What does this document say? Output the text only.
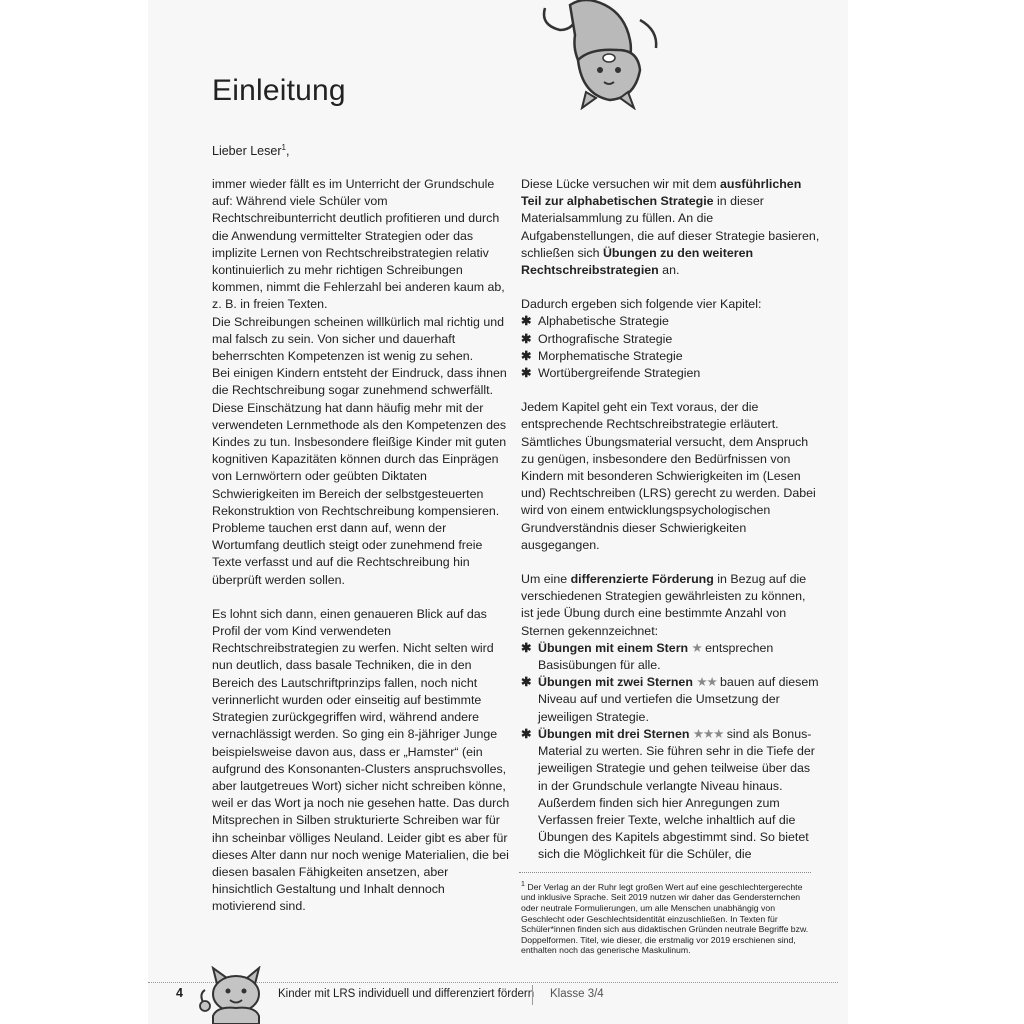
Einleitung
Lieber Leser$^1$,

immer wieder fällt es im Unterricht der Grundschule auf: Während viele Schüler vom Rechtschreibunterricht deutlich profitieren und durch die Anwendung vermittelter Strategien oder das implizite Lernen von Rechtschreibstrategien relativ kontinuierlich zu mehr richtigen Schreibungen kommen, nimmt die Fehlerzahl bei anderen kaum ab, z. B. in freien Texten.

Die Schreibungen scheinen willkürlich mal richtig und mal falsch zu sein. Von sicher und dauerhaft beherrschten Kompetenzen ist wenig zu sehen.

Bei einigen Kindern entsteht der Eindruck, dass ihnen die Rechtschreibung sogar zunehmend schwerfällt. Diese Einschätzung hat dann häufig mehr mit der verwendeten Lernmethode als den Kompetenzen des Kindes zu tun. Insbesondere fleißige Kinder mit guten kognitiven Kapazitäten können durch das Einprägen von Lernwörtern oder geübten Diktaten Schwierigkeiten im Bereich der selbstgesteuerten Rekonstruktion von Rechtschreibung kompensieren. Probleme tauchen erst dann auf, wenn der Wortumfang deutlich steigt oder zunehmend freie Texte verfasst und auf die Rechtschreibung hin überprüft werden sollen.

Es lohnt sich dann, einen genaueren Blick auf das Profil der vom Kind verwendeten Rechtschreibstrategien zu werfen. Nicht selten wird nun deutlich, dass basale Techniken, die in den Bereich des Lautschriftprinzips fallen, noch nicht verinnerlicht wurden oder einseitig auf bestimmte Strategien zurückgegriffen wird, während andere vernachlässigt werden. So ging ein 8-jähriger Junge beispielsweise davon aus, dass er „Hamster“ (ein aufgrund des Konsonanten-Clusters anspruchsvolles, aber lautgetreues Wort) sicher nicht schreiben könne, weil er das Wort ja noch nie gesehen hatte. Das durch Mitsprechen in Silben strukturierte Schreiben war für ihn scheinbar völliges Neuland. Leider gibt es aber für dieses Alter dann nur noch wenige Materialien, die bei diesen basalen Fähigkeiten ansetzen, aber hinsichtlich Gestaltung und Inhalt dennoch motivierend sind.

Diese Lücke versuchen wir mit dem ausführlichen Teil zur alphabetischen Strategie in dieser Materialsammlung zu füllen. An die Aufgabenstellungen, die auf dieser Strategie basieren, schließen sich Übungen zu den weiteren Rechtschreibstrategien an.

Dadurch ergeben sich folgende vier Kapitel:

✱ Alphabetische Strategie
✱ Orthografische Strategie
✱ Morphematische Strategie
✱ Wortübergreifende Strategien

Jedem Kapitel geht ein Text voraus, der die entsprechende Rechtschreibstrategie erläutert. Sämtliches Übungsmaterial versucht, dem Anspruch zu genügen, insbesondere den Bedürfnissen von Kindern mit besonderen Schwierigkeiten im (Lesen und) Rechtschreiben (LRS) gerecht zu werden. Dabei wird von einem entwicklungspsychologischen Grundverständnis dieser Schwierigkeiten ausgegangen.

Um eine differenzierte Förderung in Bezug auf die verschiedenen Strategien gewährleisten zu können, ist jede Übung durch eine bestimmte Anzahl von Sternen gekennzeichnet:

✱ Übungen mit einem Stern ★ entsprechen Basisübungen für alle.
✱ Übungen mit zwei Sternen ★★ bauen auf diesem Niveau auf und vertiefen die Umsetzung der jeweiligen Strategie.
✱ Übungen mit drei Sternen ★★★ sind als Bonus-Material zu werten. Sie führen sehr in die Tiefe der jeweiligen Strategie und gehen teilweise über das in der Grundschule verlangte Niveau hinaus. Außerdem finden sich hier Anregungen zum Verfassen freier Texte, welche inhaltlich auf die Übungen des Kapitels abgestimmt sind. So bietet sich die Möglichkeit für die Schüler, die
$^1$ Der Verlag an der Ruhr legt großen Wert auf eine geschlechtergerechte und inklusive Sprache. Seit 2019 nutzen wir daher das Gendersternchen oder neutrale Formulierungen, um alle Menschen unabhängig von Geschlecht oder Geschlechtsidentität einzuschließen. In Texten für Schüler*innen finden sich aus didaktischen Gründen neutrale Begriffe bzw. Doppelformen. Titel, wie dieser, die erstmalig vor 2019 erschienen sind, enthalten noch das generische Maskulinum.
4	Kinder mit LRS individuell und differenziert fördern Klasse 3/4
